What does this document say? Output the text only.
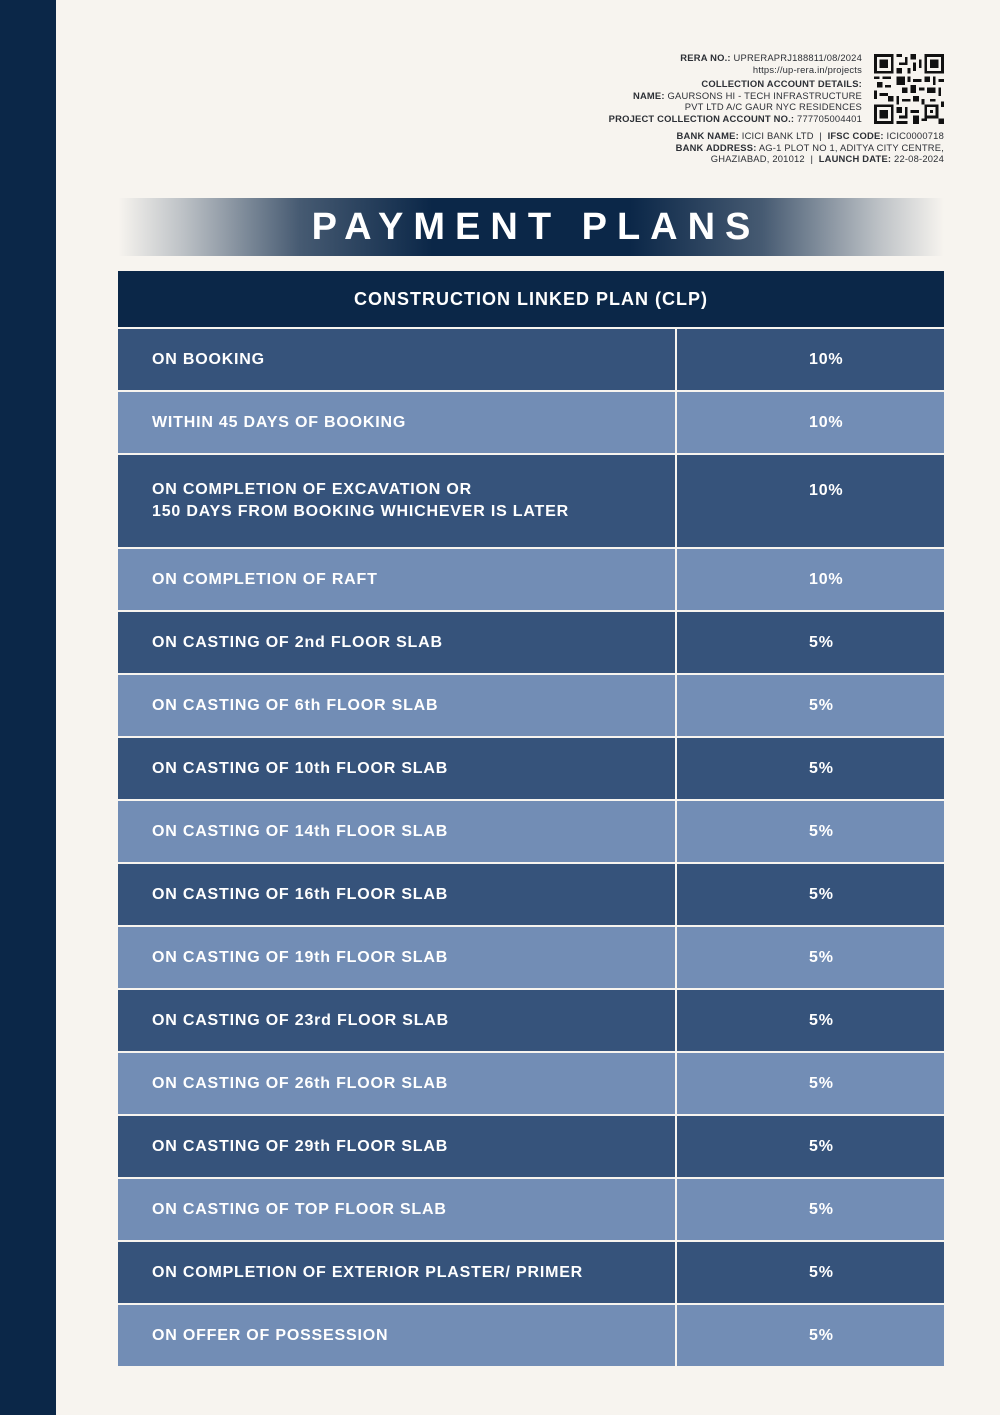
RERA NO.: UPRERAPRJ188811/08/2024
https://up-rera.in/projects
COLLECTION ACCOUNT DETAILS:
NAME: GAURSONS HI - TECH INFRASTRUCTURE
PVT LTD A/C GAUR NYC RESIDENCES
PROJECT COLLECTION ACCOUNT NO.: 777705004401
BANK NAME: ICICI BANK LTD | IFSC CODE: ICIC0000718
BANK ADDRESS: AG-1 PLOT NO 1, ADITYA CITY CENTRE,
GHAZIABAD, 201012 | LAUNCH DATE: 22-08-2024
PAYMENT PLANS
CONSTRUCTION LINKED PLAN (CLP)	

ON BOOKING	10%

WITHIN 45 DAYS OF BOOKING	10%

ON COMPLETION OF EXCAVATION OR
150 DAYS FROM BOOKING WHICHEVER IS LATER	10%

ON COMPLETION OF RAFT	10%

ON CASTING OF 2nd FLOOR SLAB	5%

ON CASTING OF 6th FLOOR SLAB	5%

ON CASTING OF 10th FLOOR SLAB	5%

ON CASTING OF 14th FLOOR SLAB	5%

ON CASTING OF 16th FLOOR SLAB	5%

ON CASTING OF 19th FLOOR SLAB	5%

ON CASTING OF 23rd FLOOR SLAB	5%

ON CASTING OF 26th FLOOR SLAB	5%

ON CASTING OF 29th FLOOR SLAB	5%

ON CASTING OF TOP FLOOR SLAB	5%

ON COMPLETION OF EXTERIOR PLASTER/ PRIMER	5%

ON OFFER OF POSSESSION	5%
